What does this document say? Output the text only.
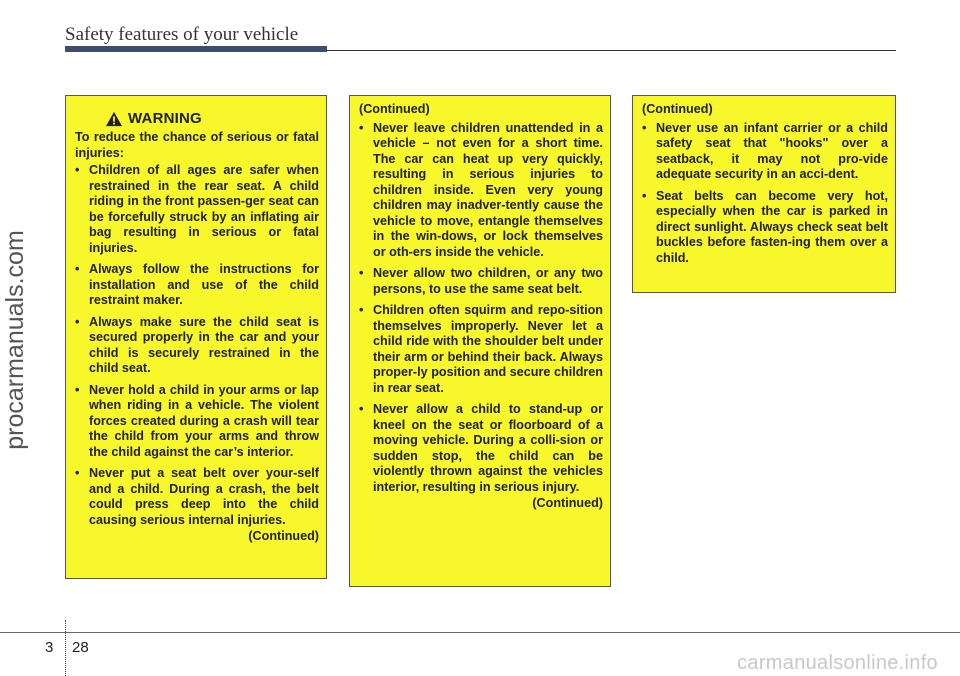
Safety features of your vehicle
procarmanuals.com
WARNING
To reduce the chance of serious or fatal injuries:
• Children of all ages are safer when restrained in the rear seat. A child riding in the front passen-ger seat can be forcefully struck by an inflating air bag resulting in serious or fatal injuries.
• Always follow the instructions for installation and use of the child restraint maker.
• Always make sure the child seat is secured properly in the car and your child is securely restrained in the child seat.
• Never hold a child in your arms or lap when riding in a vehicle. The violent forces created during a crash will tear the child from your arms and throw the child against the car’s interior.
• Never put a seat belt over your-self and a child. During a crash, the belt could press deep into the child causing serious internal injuries.
(Continued)
(Continued)
• Never leave children unattended in a vehicle – not even for a short time. The car can heat up very quickly, resulting in serious injuries to children inside. Even very young children may inadver-tently cause the vehicle to move, entangle themselves in the win-dows, or lock themselves or oth-ers inside the vehicle.
• Never allow two children, or any two persons, to use the same seat belt.
• Children often squirm and repo-sition themselves improperly. Never let a child ride with the shoulder belt under their arm or behind their back. Always proper-ly position and secure children in rear seat.
• Never allow a child to stand-up or kneel on the seat or floorboard of a moving vehicle. During a colli-sion or sudden stop, the child can be violently thrown against the vehicles interior, resulting in serious injury.
(Continued)
(Continued)
• Never use an infant carrier or a child safety seat that "hooks" over a seatback, it may not pro-vide adequate security in an acci-dent.
• Seat belts can become very hot, especially when the car is parked in direct sunlight. Always check seat belt buckles before fasten-ing them over a child.
3 28
carmanualsonline.info
